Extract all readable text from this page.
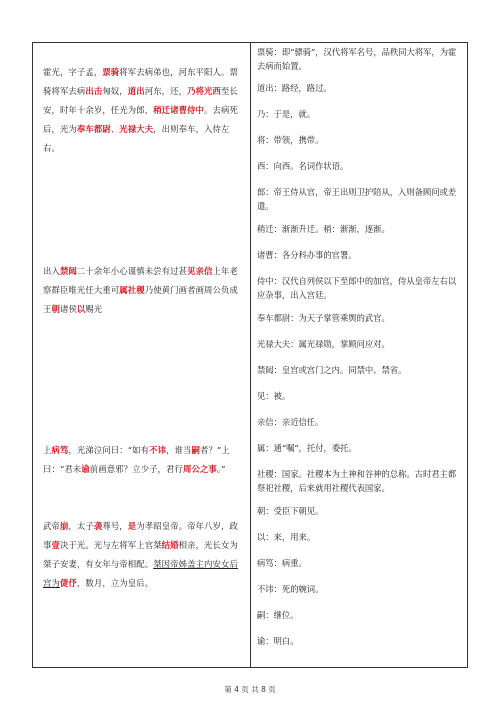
霍光，字子孟，票骑将军去病弟也，河东平阳人。票骑将军去病出击匈奴，道出河东，还，乃将光西至长安，时年十余岁，任光为郎，稍迁诸曹侍中。去病死后，光为奉车都尉、光禄大夫，出则奉车，入侍左右。
出入禁闼二十余年小心谨慎未尝有过甚见亲信上年老察群臣唯光任大重可属社稷乃使黄门画者画周公负成王朝诸侯以赐光
上病笃，光涕泣问曰：“如有不讳，谁当嗣者？”上曰：“君未谕前画意邪？立少子，君行周公之事。”
武帝崩，太子袭尊号，是为孝昭皇帝。帝年八岁，政事壹决于光。光与左将军上官桀结婚相亲，光长女为桀子安妻，有女年与帝相配。桀因帝姊盖主内安女后宫为倢伃，数月，立为皇后。
票骑：即“骠骑”，汉代将军名号，品秩同大将军，为霍去病而始置。
道出：路经，路过。
乃：于是，就。
将：带领，携带。
西：向西。名词作状语。
郎：帝王侍从官，帝王出则卫护陪从，入则备顾问或差遣。
稍迁：渐渐升迁。稍：渐渐，逐渐。
诸曹：各分科办事的官署。
侍中：汉代自列侯以下至郎中的加官，侍从皇帝左右以应杂事，出入宫廷。
奉车都尉：为天子掌管乘舆的武官。
光禄大夫：属光禄勋，掌顾问应对。
禁闼：皇宫或宫门之内。同禁中、禁省。
见：被。
亲信：亲近信任。
属：通“嘱”，托付，委托。
社稷：国家。社稷本为土神和谷神的总称。古时君主都祭祀社稷，后来就用社稷代表国家。
朝：受臣下朝见。
以：来，用来。
病笃：病重。
不讳：死的婉词。
嗣：继位。
谕：明白。
第 4 页 共 8 页
